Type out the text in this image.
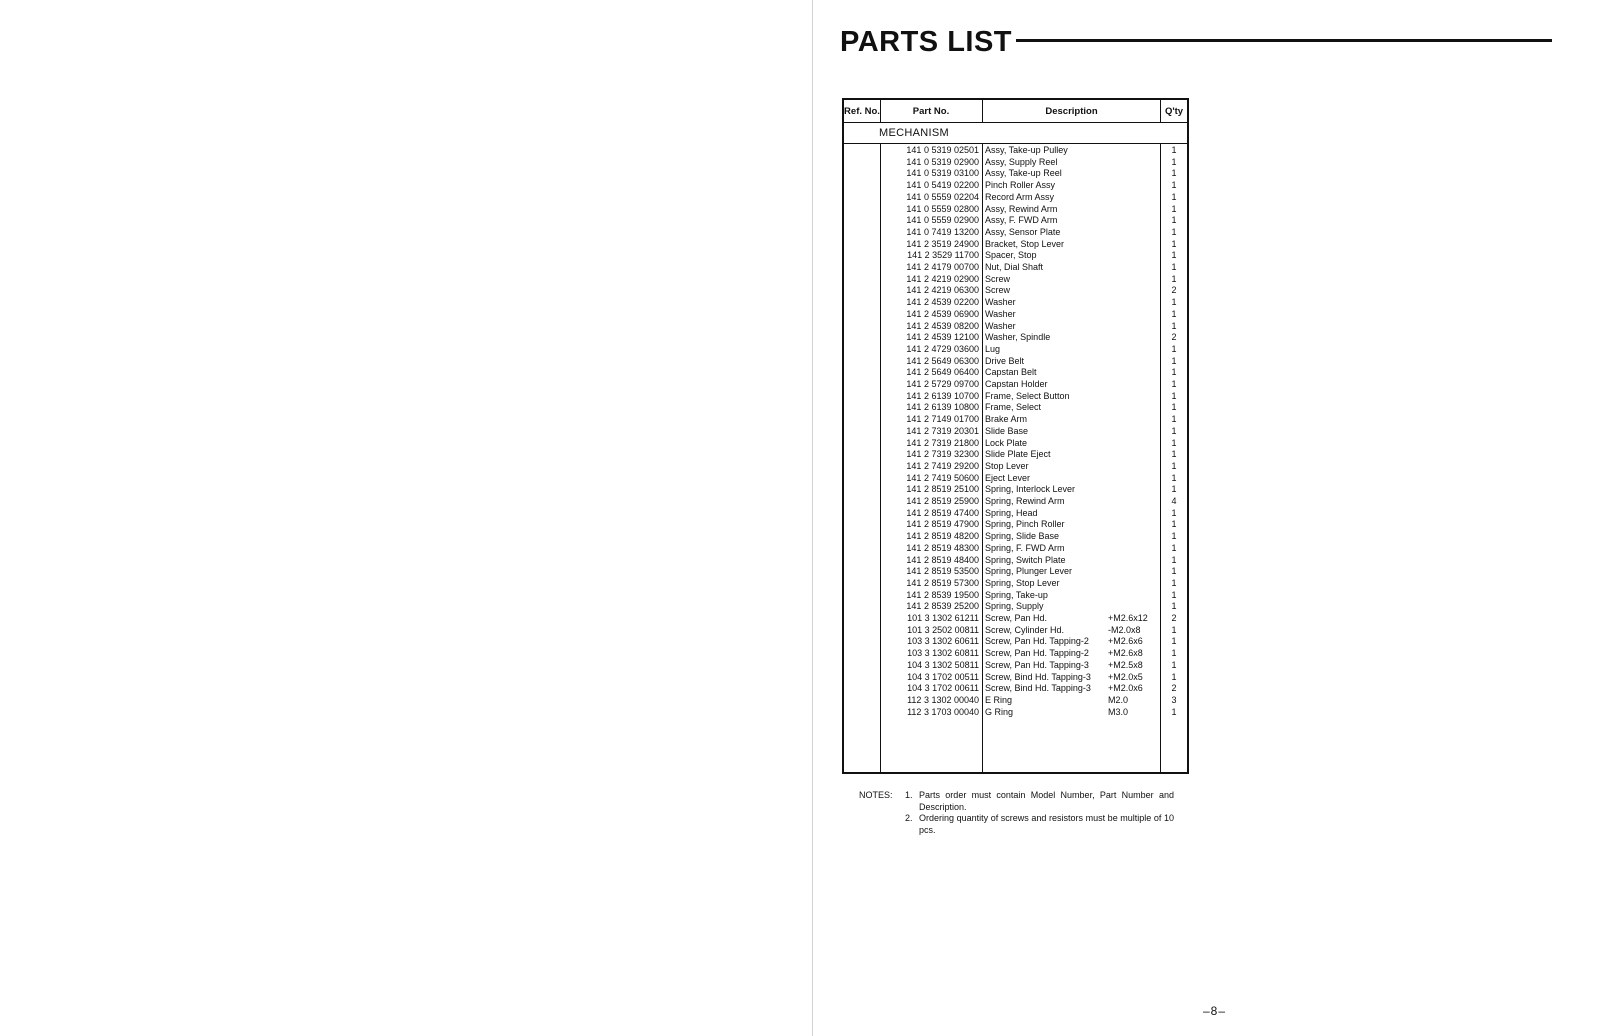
PARTS LIST
Ref. No.	Part No.	Description	Q'ty
MECHANISM
141 0 5319 02501 Assy, Take-up Pulley	1
141 0 5319 02900 Assy, Supply Reel	1
141 0 5319 03100 Assy, Take-up Reel	1
141 0 5419 02200 Pinch Roller Assy	1
141 0 5559 02204 Record Arm Assy	1
141 0 5559 02800 Assy, Rewind Arm	1
141 0 5559 02900 Assy, F. FWD Arm	1
141 0 7419 13200 Assy, Sensor Plate	1
141 2 3519 24900 Bracket, Stop Lever	1
141 2 3529 11700 Spacer, Stop	1
141 2 4179 00700 Nut, Dial Shaft	1
141 2 4219 02900 Screw	1
141 2 4219 06300 Screw	2
141 2 4539 02200 Washer	1
141 2 4539 06900 Washer	1
141 2 4539 08200 Washer	1
141 2 4539 12100 Washer, Spindle	2
141 2 4729 03600 Lug	1
141 2 5649 06300 Drive Belt	1
141 2 5649 06400 Capstan Belt	1
141 2 5729 09700 Capstan Holder	1
141 2 6139 10700 Frame, Select Button	1
141 2 6139 10800 Frame, Select	1
141 2 7149 01700 Brake Arm	1
141 2 7319 20301 Slide Base	1
141 2 7319 21800 Lock Plate	1
141 2 7319 32300 Slide Plate Eject	1
141 2 7419 29200 Stop Lever	1
141 2 7419 50600 Eject Lever	1
141 2 8519 25100 Spring, Interlock Lever	1
141 2 8519 25900 Spring, Rewind Arm	4
141 2 8519 47400 Spring, Head	1
141 2 8519 47900 Spring, Pinch Roller	1
141 2 8519 48200 Spring, Slide Base	1
141 2 8519 48300 Spring, F. FWD Arm	1
141 2 8519 48400 Spring, Switch Plate	1
141 2 8519 53500 Spring, Plunger Lever	1
141 2 8519 57300 Spring, Stop Lever	1
141 2 8539 19500 Spring, Take-up	1
141 2 8539 25200 Spring, Supply	1
101 3 1302 61211 Screw, Pan Hd.	+M2.6x12	2
101 3 2502 00811 Screw, Cylinder Hd.	-M2.0x8	1
103 3 1302 60611 Screw, Pan Hd. Tapping-2	+M2.6x6	1
103 3 1302 60811 Screw, Pan Hd. Tapping-2	+M2.6x8	1
104 3 1302 50811 Screw, Pan Hd. Tapping-3	+M2.5x8	1
104 3 1702 00511 Screw, Bind Hd. Tapping-3	+M2.0x5	1
104 3 1702 00611 Screw, Bind Hd. Tapping-3	+M2.0x6	2
112 3 1302 00040 E Ring	M2.0	3
112 3 1703 00040 G Ring	M3.0	1
NOTES: 1. Parts order must contain Model Number, Part Number and Description.
2. Ordering quantity of screws and resistors must be multiple of 10 pcs.
–8–
